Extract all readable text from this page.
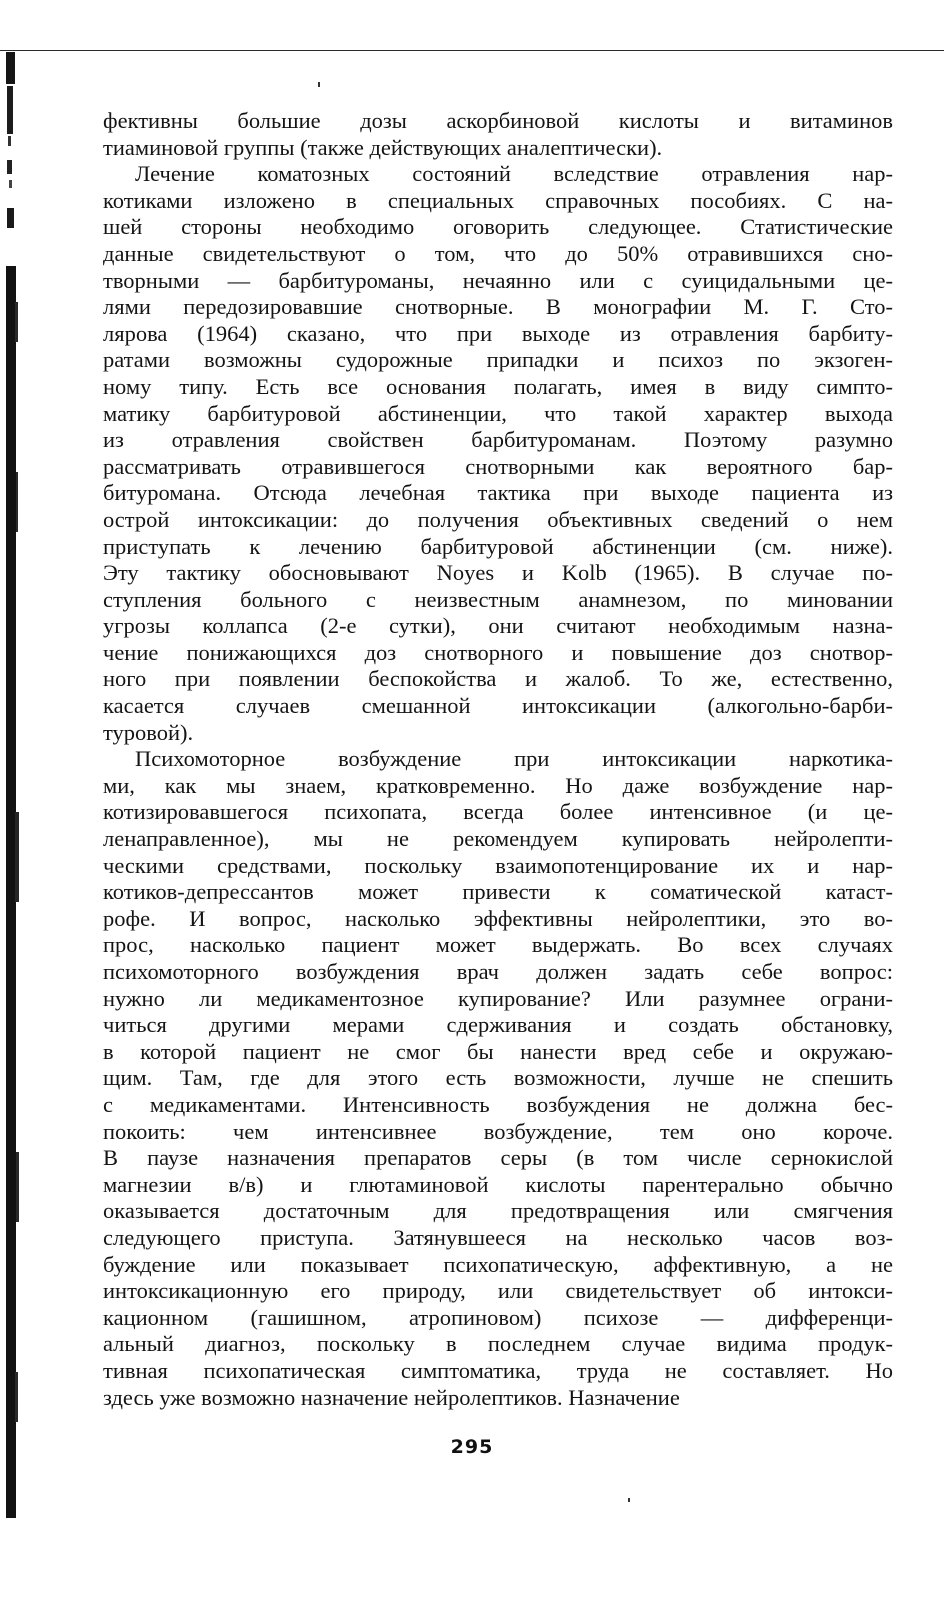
фективны большие дозы аскорбиновой кислоты и витаминов
тиаминовой группы (также действующих аналептически).
Лечение коматозных состояний вследствие отравления нар-
котиками изложено в специальных справочных пособиях. С на-
шей стороны необходимо оговорить следующее. Статистические
данные свидетельствуют о том, что до 50% отравившихся сно-
творными — барбитуроманы, нечаянно или с суицидальными це-
лями передозировавшие снотворные. В монографии М. Г. Сто-
лярова (1964) сказано, что при выходе из отравления барбиту-
ратами возможны судорожные припадки и психоз по экзоген-
ному типу. Есть все основания полагать, имея в виду симпто-
матику барбитуровой абстиненции, что такой характер выхода
из отравления свойствен барбитуроманам. Поэтому разумно
рассматривать отравившегося снотворными как вероятного бар-
битуромана. Отсюда лечебная тактика при выходе пациента из
острой интоксикации: до получения объективных сведений о нем
приступать к лечению барбитуровой абстиненции (см. ниже).
Эту тактику обосновывают Noyes и Kolb (1965). В случае по-
ступления больного с неизвестным анамнезом, по миновании
угрозы коллапса (2-е сутки), они считают необходимым назна-
чение понижающихся доз снотворного и повышение доз снотвор-
ного при появлении беспокойства и жалоб. То же, естественно,
касается случаев смешанной интоксикации (алкогольно-барби-
туровой).
Психомоторное возбуждение при интоксикации наркотика-
ми, как мы знаем, кратковременно. Но даже возбуждение нар-
котизировавшегося психопата, всегда более интенсивное (и це-
ленаправленное), мы не рекомендуем купировать нейролепти-
ческими средствами, поскольку взаимопотенцирование их и нар-
котиков-депрессантов может привести к соматической катаст-
рофе. И вопрос, насколько эффективны нейролептики, это во-
прос, насколько пациент может выдержать. Во всех случаях
психомоторного возбуждения врач должен задать себе вопрос:
нужно ли медикаментозное купирование? Или разумнее ограни-
читься другими мерами сдерживания и создать обстановку,
в которой пациент не смог бы нанести вред себе и окружаю-
щим. Там, где для этого есть возможности, лучше не спешить
с медикаментами. Интенсивность возбуждения не должна бес-
покоить: чем интенсивнее возбуждение, тем оно короче.
В паузе назначения препаратов серы (в том числе сернокислой
магнезии в/в) и глютаминовой кислоты парентерально обычно
оказывается достаточным для предотвращения или смягчения
следующего приступа. Затянувшееся на несколько часов воз-
буждение или показывает психопатическую, аффективную, а не
интоксикационную его природу, или свидетельствует об интокси-
кационном (гашишном, атропиновом) психозе — дифференци-
альный диагноз, поскольку в последнем случае видима продук-
тивная психопатическая симптоматика, труда не составляет. Но
здесь уже возможно назначение нейролептиков. Назначение
295
